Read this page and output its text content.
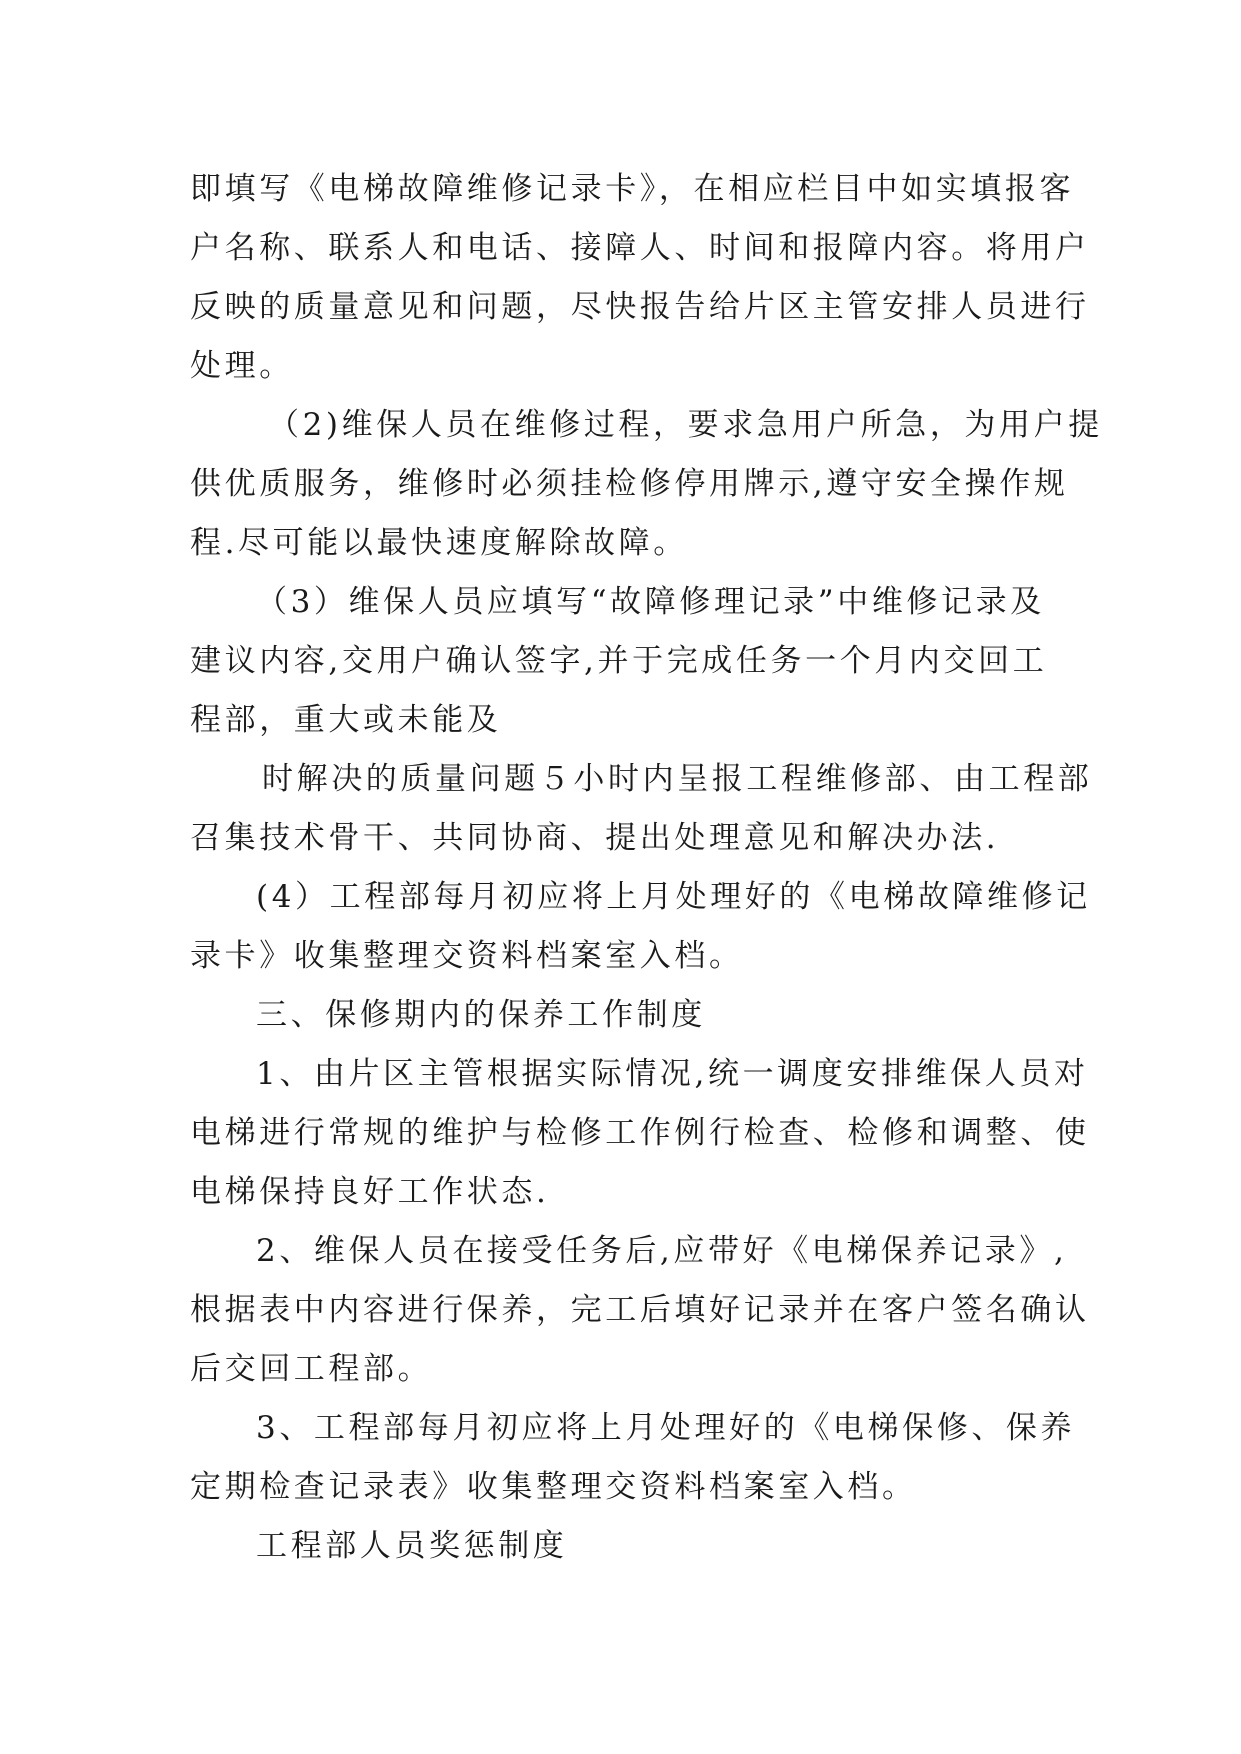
即填写《电梯故障维修记录卡》，在相应栏目中如实填报客
户名称、联系人和电话、接障人、时间和报障内容。将用户
反映的质量意见和问题，尽快报告给片区主管安排人员进行
处理。
（2)维保人员在维修过程，要求急用户所急，为用户提
供优质服务，维修时必须挂检修停用牌示,遵守安全操作规
程.尽可能以最快速度解除故障。
（3）维保人员应填写“故障修理记录”中维修记录及
建议内容,交用户确认签字,并于完成任务一个月内交回工
程部，重大或未能及
时解决的质量问题５小时内呈报工程维修部、由工程部
召集技术骨干、共同协商、提出处理意见和解决办法.
(4）工程部每月初应将上月处理好的《电梯故障维修记
录卡》收集整理交资料档案室入档。
三、保修期内的保养工作制度
1、由片区主管根据实际情况,统一调度安排维保人员对
电梯进行常规的维护与检修工作例行检查、检修和调整、使
电梯保持良好工作状态.
2、维保人员在接受任务后,应带好《电梯保养记录》,
根据表中内容进行保养，完工后填好记录并在客户签名确认
后交回工程部。
3、工程部每月初应将上月处理好的《电梯保修、保养
定期检查记录表》收集整理交资料档案室入档。
工程部人员奖惩制度
